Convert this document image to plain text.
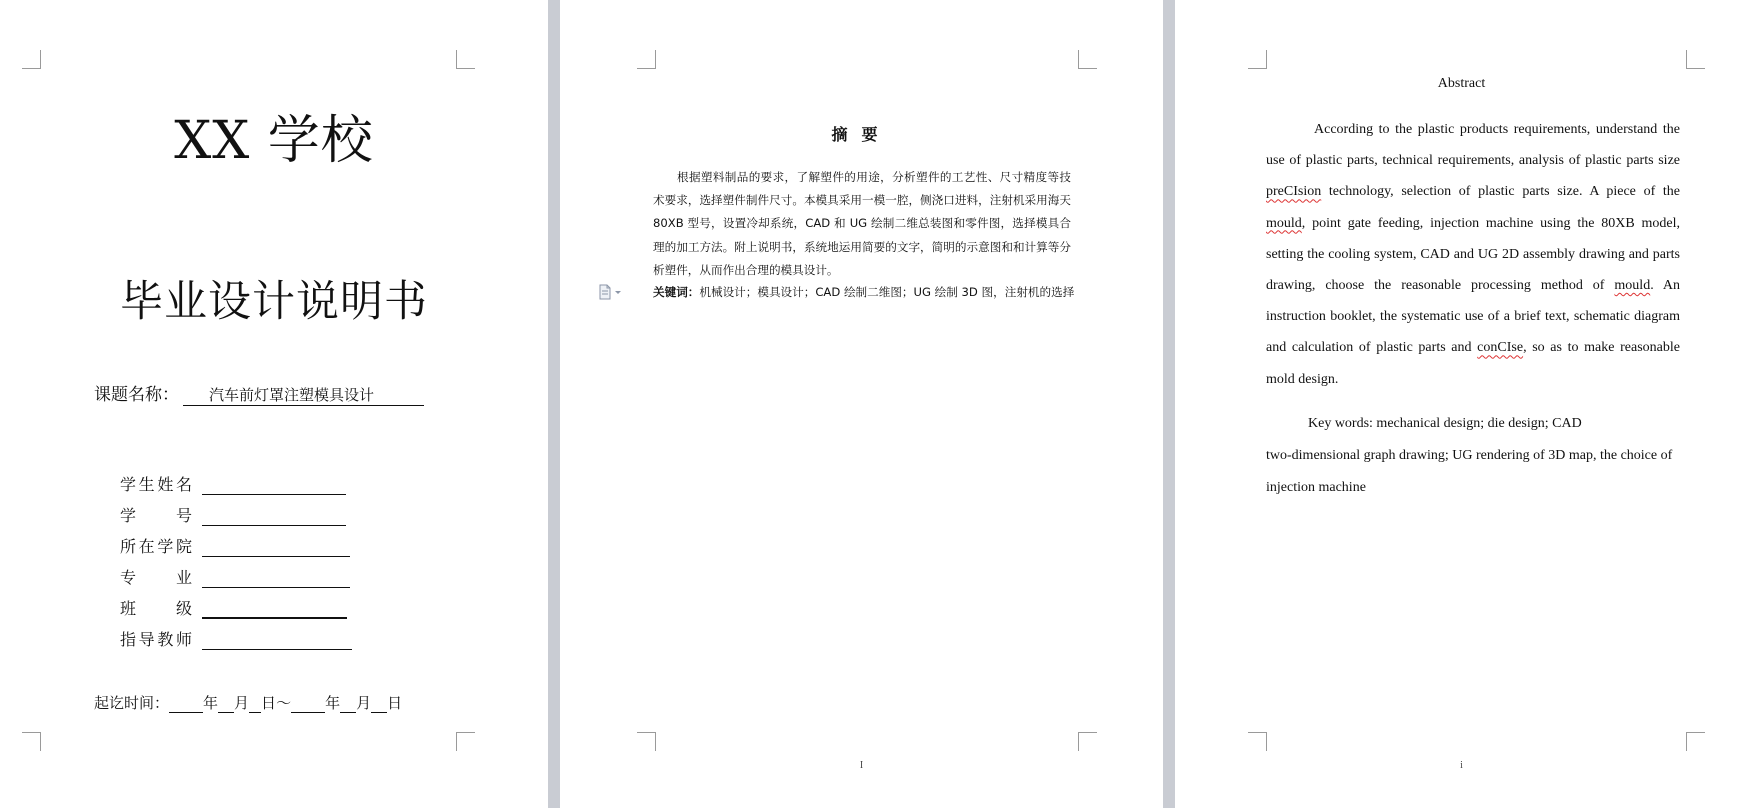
XX 学校
毕业设计说明书
课题名称： 汽车前灯罩注塑模具设计
学生姓名
学号
所在学院
专业
班级
指导教师
起讫时间： 年 月 日～ 年 月 日
摘要

根据塑料制品的要求，了解塑件的用途，分析塑件的工艺性、尺寸精度等技术要求，选择塑件制件尺寸。本模具采用一模一腔，侧浇口进料，注射机采用海天 80XB 型号，设置冷却系统，CAD 和 UG 绘制二维总装图和零件图，选择模具合理的加工方法。附上说明书，系统地运用简要的文字，简明的示意图和和计算等分析塑件，从而作出合理的模具设计。

关键词：机械设计；模具设计；CAD 绘制二维图；UG 绘制 3D 图，注射机的选择
I
Abstract

According to the plastic products requirements, understand the use of plastic parts, technical requirements, analysis of plastic parts size preCIsion technology, selection of plastic parts size. A piece of the mould, point gate feeding, injection machine using the 80XB model, setting the cooling system, CAD and UG 2D assembly drawing and parts drawing, choose the reasonable processing method of mould. An instruction booklet, the systematic use of a brief text, schematic diagram and calculation of plastic parts and conCIse, so as to make reasonable mold design.

Key words: mechanical design; die design; CAD
two-dimensional graph drawing; UG rendering of 3D map, the choice of injection machine

i
